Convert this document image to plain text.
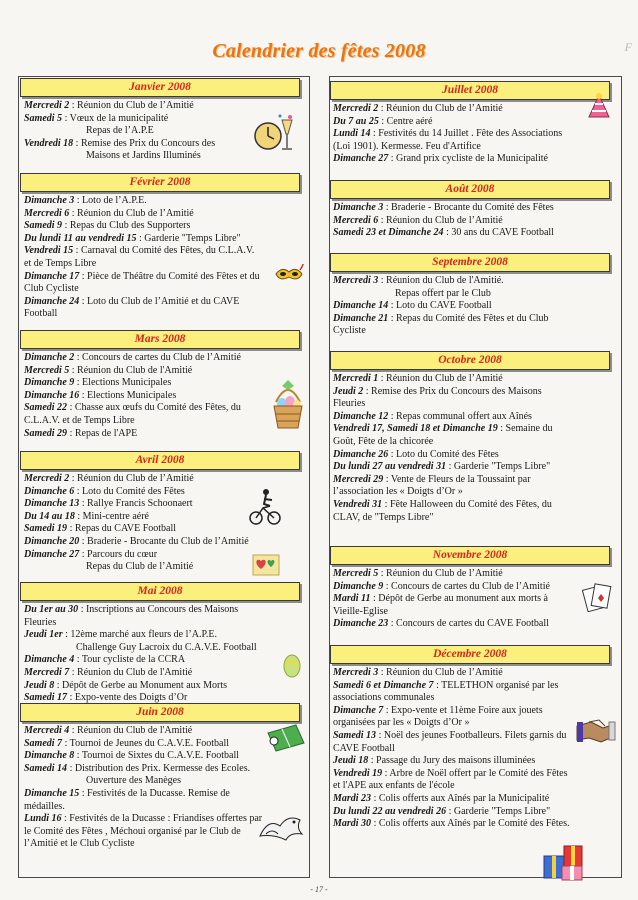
Calendrier des fêtes 2008	F
Janvier 2008
Mercredi 2 : Réunion du Club de l’Amitié
Samedi 5 : Vœux de la municipalité
Repas de l’A.P.E
Vendredi 18 : Remise des Prix du Concours des
Maisons et Jardins Illuminés
Février 2008
Dimanche 3 : Loto de l’A.P.E.
Mercredi 6 : Réunion du Club de l’Amitié
Samedi 9 : Repas du Club des Supporters
Du lundi 11 au vendredi 15 : Garderie "Temps Libre"
Vendredi 15 : Carnaval du Comité des Fêtes, du C.L.A.V. et de Temps Libre
Dimanche 17 : Pièce de Théâtre du Comité des Fêtes et du Club Cycliste
Dimanche 24 : Loto du Club de l’Amitié et du CAVE Football
Mars 2008
Dimanche 2 : Concours de cartes du Club de l’Amitié
Mercredi 5 : Réunion du Club de l'Amitié
Dimanche 9 : Elections Municipales
Dimanche 16 : Elections Municipales
Samedi 22 : Chasse aux œufs du Comité des Fêtes, du C.L.A.V. et de Temps Libre
Samedi 29 : Repas de l'APE
Avril 2008
Mercredi 2 : Réunion du Club de l’Amitié
Dimanche 6 : Loto du Comité des Fêtes
Dimanche 13 : Rallye Francis Schoonaert
Du 14 au 18 : Mini-centre aéré
Samedi 19 : Repas du CAVE Football
Dimanche 20 : Braderie - Brocante du Club de l’Amitié
Dimanche 27 : Parcours du cœur
Repas du Club de l’Amitié
Mai 2008
Du 1er au 30 : Inscriptions au Concours des Maisons Fleuries
Jeudi 1er : 12ème marché aux fleurs de l’A.P.E.
Challenge Guy Lacroix du C.A.V.E. Football
Dimanche 4 : Tour cycliste de la CCRA
Mercredi 7 : Réunion du Club de l'Amitié
Jeudi 8 : Dépôt de Gerbe au Monument aux Morts
Samedi 17 : Expo-vente des Doigts d’Or
Juin 2008
Mercredi 4 : Réunion du Club de l'Amitié
Samedi 7 : Tournoi de Jeunes du C.A.V.E. Football
Dimanche 8 : Tournoi de Sixtes du C.A.V.E. Football
Samedi 14 : Distribution des Prix. Kermesse des Ecoles.
Ouverture des Manèges
Dimanche 15 : Festivités de la Ducasse. Remise de médailles.
Lundi 16 : Festivités de la Ducasse : Friandises offertes par le Comité des Fêtes , Méchoui organisé par le Club de l’Amitié et le Club Cycliste
Juillet 2008
Mercredi 2 : Réunion du Club de l’Amitié
Du 7 au 25 : Centre aéré
Lundi 14 : Festivités du 14 Juillet . Fête des Associations (Loi 1901). Kermesse. Feu d'Artifice
Dimanche 27 : Grand prix cycliste de la Municipalité
Août 2008
Dimanche 3 : Braderie - Brocante du Comité des Fêtes
Mercredi 6 : Réunion du Club de l’Amitié
Samedi 23 et Dimanche 24 : 30 ans du CAVE Football
Septembre 2008
Mercredi 3 : Réunion du Club de l'Amitié.
Repas offert par le Club
Dimanche 14 : Loto du CAVE Football
Dimanche 21 : Repas du Comité des Fêtes et du Club Cycliste
Octobre 2008
Mercredi 1 : Réunion du Club de l’Amitié
Jeudi 2 : Remise des Prix du Concours des Maisons Fleuries
Dimanche 12 : Repas communal offert aux Aînés
Vendredi 17, Samedi 18 et Dimanche 19 : Semaine du Goût, Fête de la chicorée
Dimanche 26 : Loto du Comité des Fêtes
Du lundi 27 au vendredi 31 : Garderie "Temps Libre"
Mercredi 29 : Vente de Fleurs de la Toussaint par l’association les « Doigts d’Or »
Vendredi 31 : Fête Halloween du Comité des Fêtes, du CLAV, de "Temps Libre"
Novembre 2008
Mercredi 5 : Réunion du Club de l’Amitié
Dimanche 9 : Concours de cartes du Club de l’Amitié
Mardi 11 : Dépôt de Gerbe au monument aux morts à Vieille-Eglise
Dimanche 23 : Concours de cartes du CAVE Football
Décembre 2008
Mercredi 3 : Réunion du Club de l’Amitié
Samedi 6 et Dimanche 7 : TELETHON organisé par les associations communales
Dimanche 7 : Expo-vente et 11ème Foire aux jouets organisées par les « Doigts d’Or »
Samedi 13 : Noël des jeunes Footballeurs. Filets garnis du CAVE Football
Jeudi 18 : Passage du Jury des maisons illuminées
Vendredi 19 : Arbre de Noël offert par le Comité des Fêtes et l'APE aux enfants de l'école
Mardi 23 : Colis offerts aux Aînés par la Municipalité
Du lundi 22 au vendredi 26 : Garderie "Temps Libre"
Mardi 30 : Colis offerts aux Aînés par le Comité des Fêtes.
- 17 -
